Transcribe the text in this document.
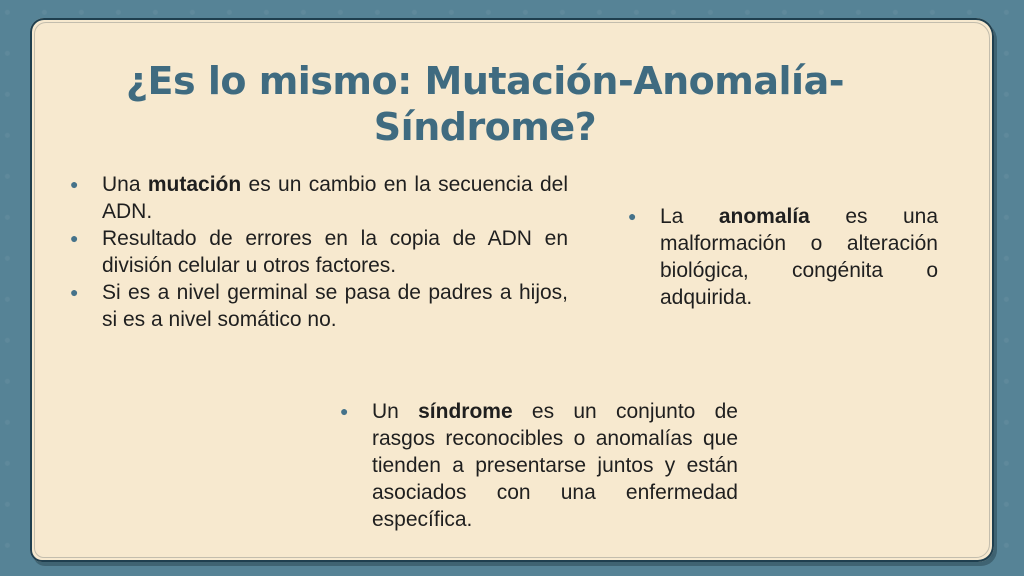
¿Es lo mismo: Mutación-Anomalía-Síndrome?
● Una mutación es un cambio en la secuencia del ADN.
● Resultado de errores en la copia de ADN en división celular u otros factores.
● Si es a nivel germinal se pasa de padres a hijos, si es a nivel somático no.
● La anomalía es una malformación o alteración biológica, congénita o adquirida.
● Un síndrome es un conjunto de rasgos reconocibles o anomalías que tienden a presentarse juntos y están asociados con una enfermedad específica.
